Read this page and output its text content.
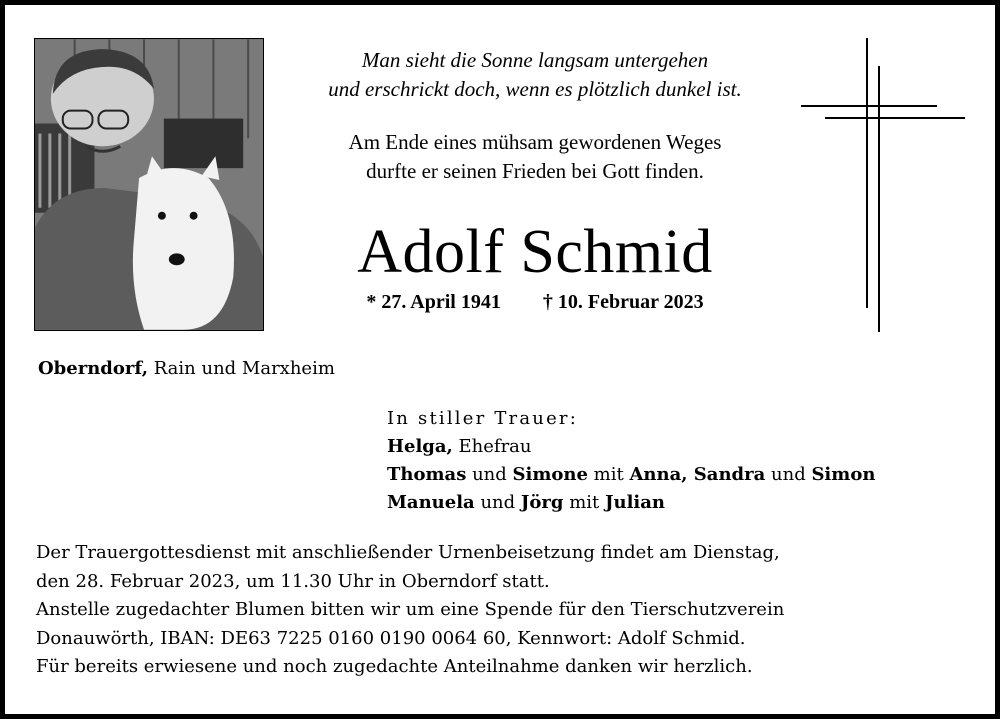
Man sieht die Sonne langsam untergehen
und erschrickt doch, wenn es plötzlich dunkel ist.
Am Ende eines mühsam gewordenen Weges
durfte er seinen Frieden bei Gott finden.
Adolf Schmid
* 27. April 1941 † 10. Februar 2023
Oberndorf, Rain und Marxheim
In stiller Trauer:
Helga, Ehefrau
Thomas und Simone mit Anna, Sandra und Simon
Manuela und Jörg mit Julian
Der Trauergottesdienst mit anschließender Urnenbeisetzung findet am Dienstag,
den 28. Februar 2023, um 11.30 Uhr in Oberndorf statt.
Anstelle zugedachter Blumen bitten wir um eine Spende für den Tierschutzverein
Donauwörth, IBAN: DE63 7225 0160 0190 0064 60, Kennwort: Adolf Schmid.
Für bereits erwiesene und noch zugedachte Anteilnahme danken wir herzlich.
